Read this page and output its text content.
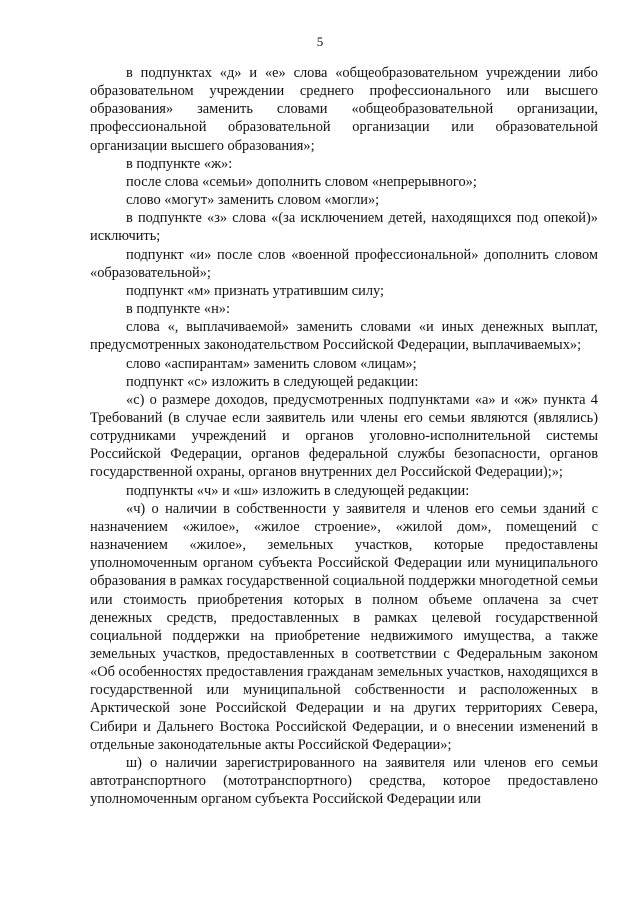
5

в подпунктах «д» и «е» слова «общеобразовательном учреждении либо образовательном учреждении среднего профессионального или высшего образования» заменить словами «общеобразовательной организации, профессиональной образовательной организации или образовательной организации высшего образования»;

в подпункте «ж»:

после слова «семьи» дополнить словом «непрерывного»;

слово «могут» заменить словом «могли»;

в подпункте «з» слова «(за исключением детей, находящихся под опекой)» исключить;

подпункт «и» после слов «военной профессиональной» дополнить словом «образовательной»;

подпункт «м» признать утратившим силу;

в подпункте «н»:

слова «, выплачиваемой» заменить словами «и иных денежных выплат, предусмотренных законодательством Российской Федерации, выплачиваемых»;

слово «аспирантам» заменить словом «лицам»;

подпункт «с» изложить в следующей редакции:

«с) о размере доходов, предусмотренных подпунктами «а» и «ж» пункта 4 Требований (в случае если заявитель или члены его семьи являются (являлись) сотрудниками учреждений и органов уголовно-исполнительной системы Российской Федерации, органов федеральной службы безопасности, органов государственной охраны, органов внутренних дел Российской Федерации);»;

подпункты «ч» и «ш» изложить в следующей редакции:

«ч) о наличии в собственности у заявителя и членов его семьи зданий с назначением «жилое», «жилое строение», «жилой дом», помещений с назначением «жилое», земельных участков, которые предоставлены уполномоченным органом субъекта Российской Федерации или муниципального образования в рамках государственной социальной поддержки многодетной семьи или стоимость приобретения которых в полном объеме оплачена за счет денежных средств, предоставленных в рамках целевой государственной социальной поддержки на приобретение недвижимого имущества, а также земельных участков, предоставленных в соответствии с Федеральным законом «Об особенностях предоставления гражданам земельных участков, находящихся в государственной или муниципальной собственности и расположенных в Арктической зоне Российской Федерации и на других территориях Севера, Сибири и Дальнего Востока Российской Федерации, и о внесении изменений в отдельные законодательные акты Российской Федерации»;

ш) о наличии зарегистрированного на заявителя или членов его семьи автотранспортного (мототранспортного) средства, которое предоставлено уполномоченным органом субъекта Российской Федерации или
